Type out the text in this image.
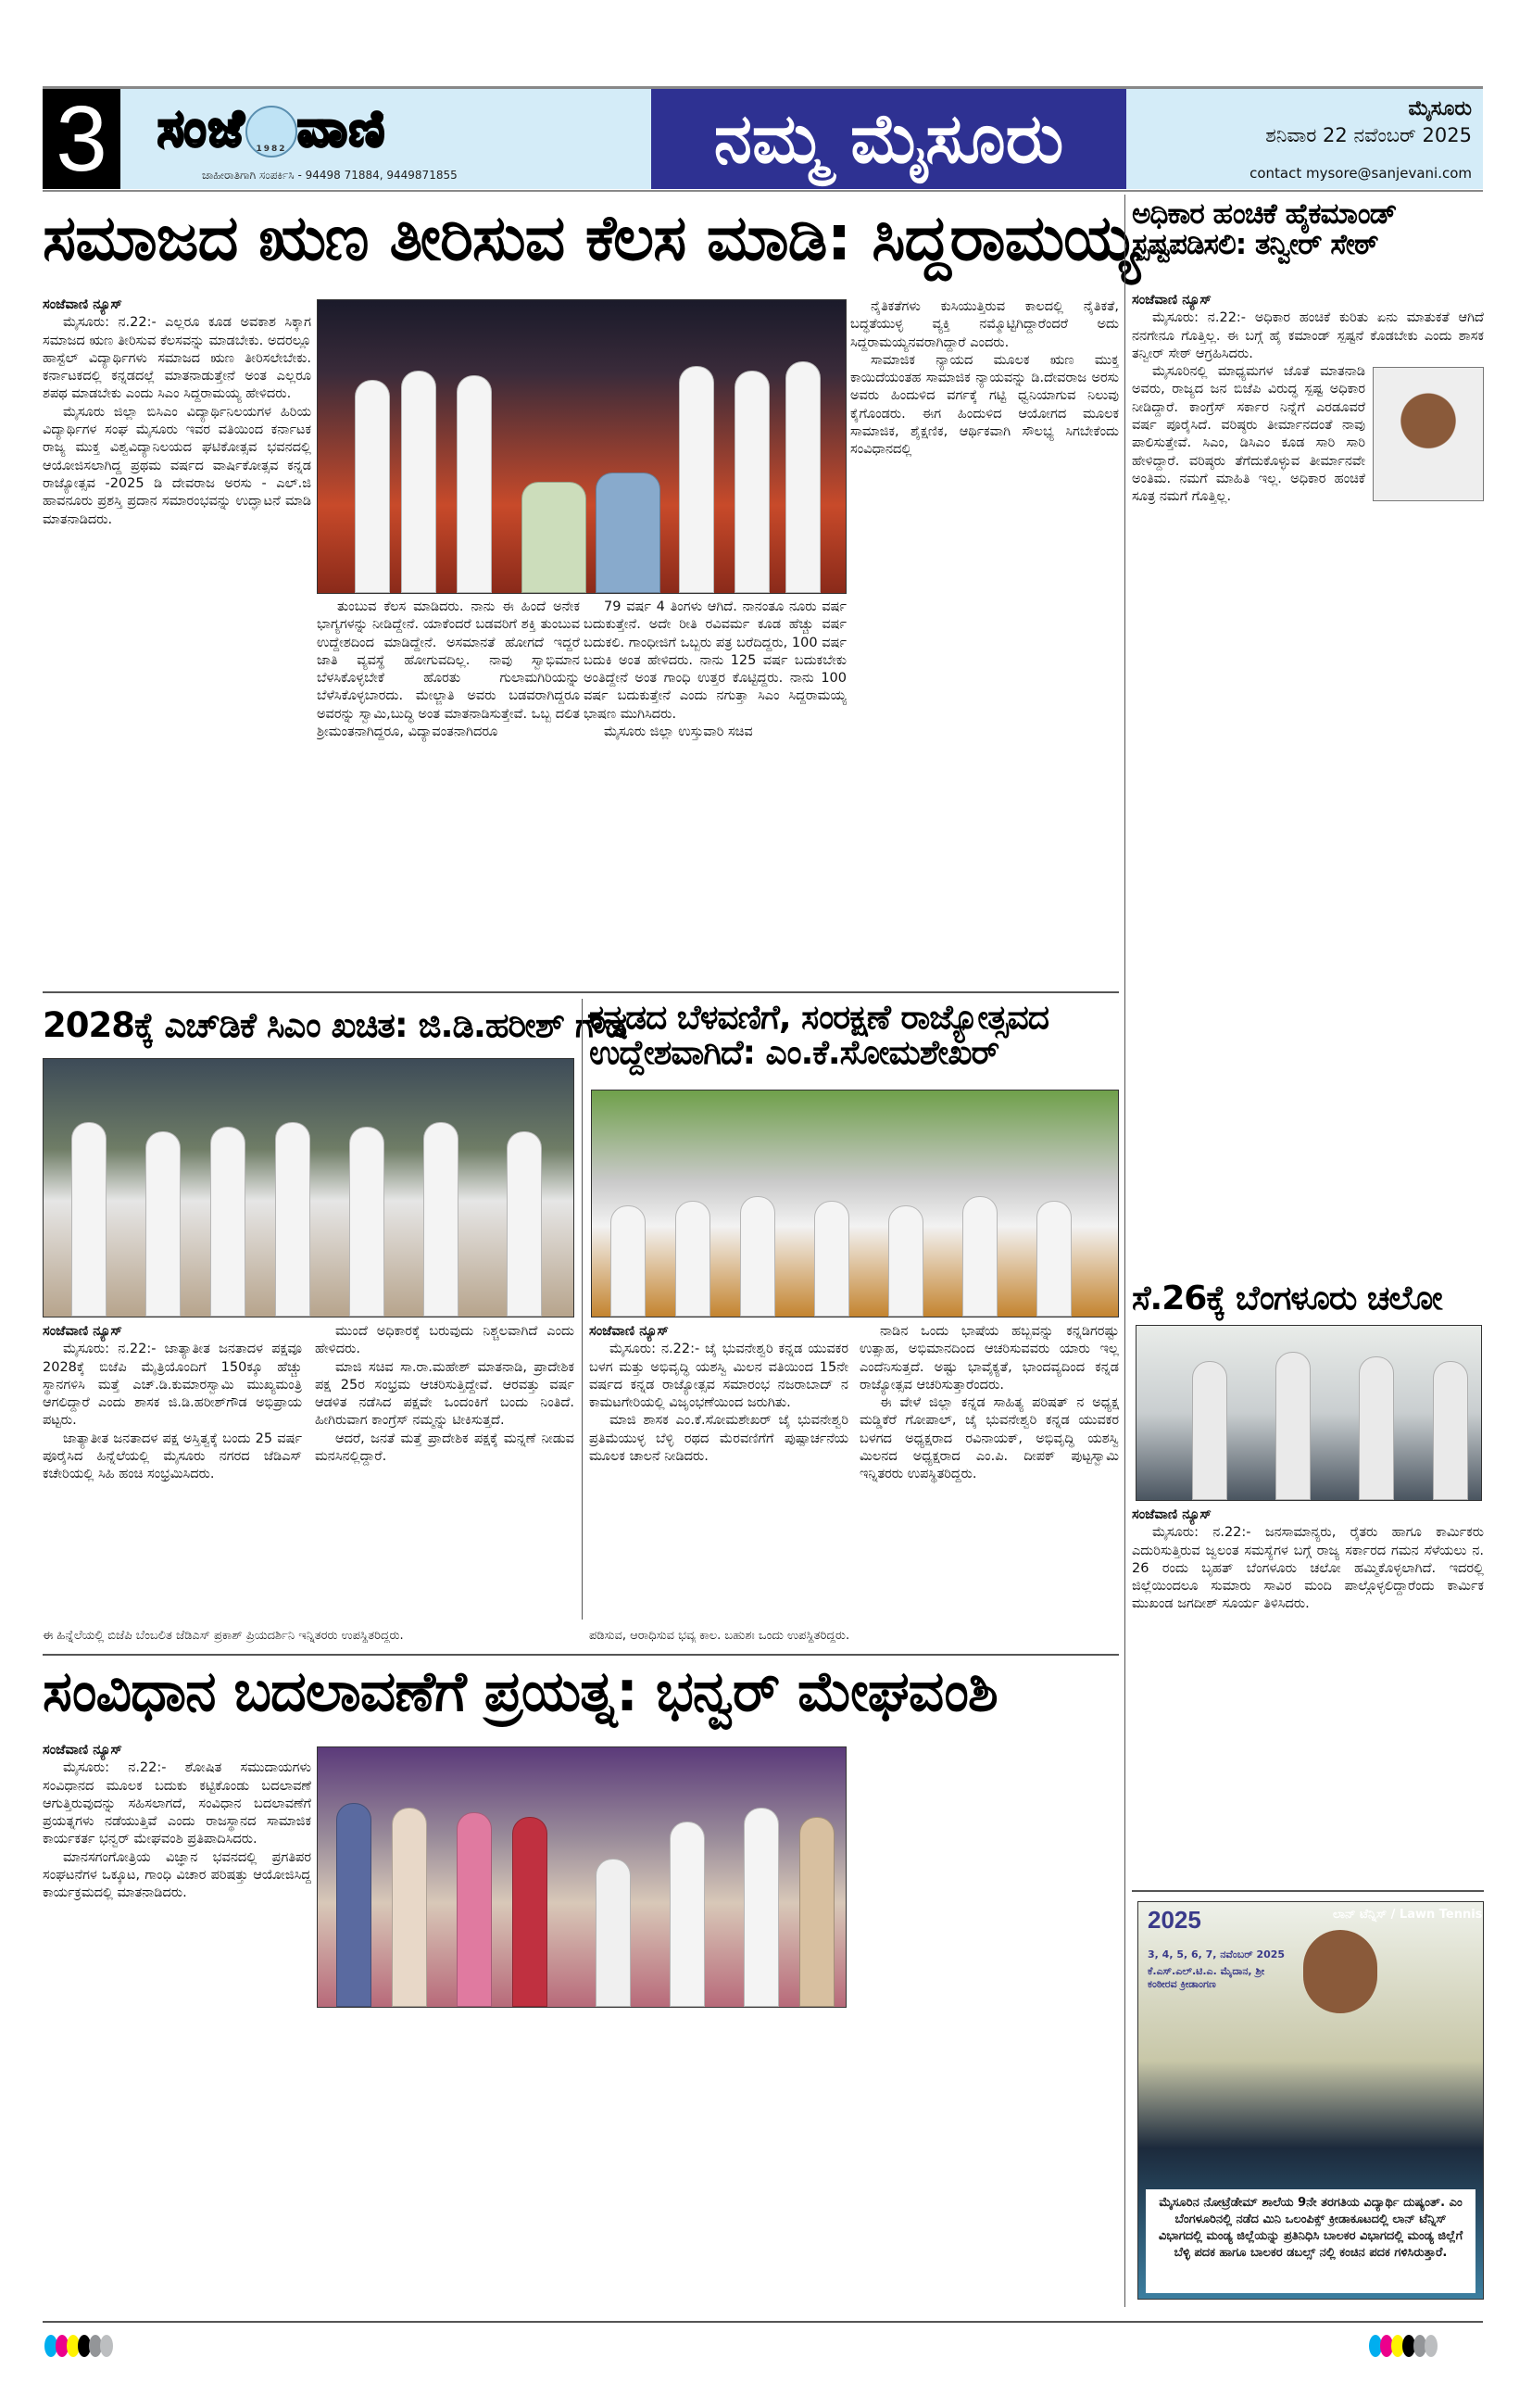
3 ಸಂಜೆ 1982 ವಾಣಿ
ಜಾಹೀರಾತಿಗಾಗಿ ಸಂಪರ್ಕಿಸಿ - 94498 71884, 9449871855	ನಮ್ಮ ಮೈಸೂರು	ಮೈಸೂರು
ಶನಿವಾರ 22 ನವೆಂಬರ್ 2025
contact mysore@sanjevani.com
ಸಮಾಜದ ಋಣ ತೀರಿಸುವ ಕೆಲಸ ಮಾಡಿ: ಸಿದ್ದರಾಮಯ್ಯ

ಸಂಜೆವಾಣಿ ನ್ಯೂಸ್

ಮೈಸೂರು: ನ.22:- ಎಲ್ಲರೂ ಕೂಡ ಅವಕಾಶ ಸಿಕ್ಕಾಗ ಸಮಾಜದ ಋಣ ತೀರಿಸುವ ಕೆಲಸವನ್ನು ಮಾಡಬೇಕು. ಅದರಲ್ಲೂ ಹಾಸ್ಟೆಲ್ ವಿದ್ಯಾರ್ಥಿಗಳು ಸಮಾಜದ ಋಣ ತೀರಿಸಲೇಬೇಕು. ಕರ್ನಾಟಕದಲ್ಲಿ ಕನ್ನಡದಲ್ಲೆ ಮಾತನಾಡುತ್ತೇನೆ ಅಂತ ಎಲ್ಲರೂ ಶಪಥ ಮಾಡಬೇಕು ಎಂದು ಸಿಎಂ ಸಿದ್ದರಾಮಯ್ಯ ಹೇಳಿದರು.

ಮೈಸೂರು ಜಿಲ್ಲಾ ಬಿಸಿಎಂ ವಿದ್ಯಾರ್ಥಿನಿಲಯಗಳ ಹಿರಿಯ ವಿದ್ಯಾರ್ಥಿಗಳ ಸಂಘ ಮೈಸೂರು ಇವರ ವತಿಯಿಂದ ಕರ್ನಾಟಕ ರಾಜ್ಯ ಮುಕ್ತ ವಿಶ್ವವಿದ್ಯಾನಿಲಯದ ಘಟಿಕೋತ್ಸವ ಭವನದಲ್ಲಿ ಆಯೋಜಿಸಲಾಗಿದ್ದ ಪ್ರಥಮ ವರ್ಷದ ವಾರ್ಷಿಕೋತ್ಸವ ಕನ್ನಡ ರಾಜ್ಯೋತ್ಸವ -2025 ಡಿ ದೇವರಾಜ ಅರಸು - ಎಲ್.ಜಿ ಹಾವನೂರು ಪ್ರಶಸ್ತಿ ಪ್ರದಾನ ಸಮಾರಂಭವನ್ನು ಉದ್ಘಾಟನೆ ಮಾಡಿ ಮಾತನಾಡಿದರು.

ತುಂಬುವ ಕೆಲಸ ಮಾಡಿದರು. ನಾನು ಈ ಹಿಂದೆ ಅನೇಕ ಭಾಗ್ಯಗಳನ್ನು ನೀಡಿದ್ದೇನೆ. ಯಾಕೆಂದರೆ ಬಡವರಿಗೆ ಶಕ್ತಿ ತುಂಬುವ ಉದ್ದೇಶದಿಂದ ಮಾಡಿದ್ದೇನೆ. ಅಸಮಾನತೆ ಹೋಗದೆ ಇದ್ದರೆ ಜಾತಿ ವ್ಯವಸ್ಥೆ ಹೋಗುವದಿಲ್ಲ. ನಾವು ಸ್ವಾಭಿಮಾನ ಬೆಳಸಿಕೊಳ್ಳಬೇಕೆ ಹೊರತು ಗುಲಾಮಗಿರಿಯನ್ನು ಬೆಳೆಸಿಕೊಳ್ಳಬಾರದು. ಮೇಲ್ಜಾತಿ ಅವರು ಬಡವರಾಗಿದ್ದರೂ ಅವರನ್ನು ಸ್ವಾಮಿ,ಬುದ್ಧಿ ಅಂತ ಮಾತನಾಡಿಸುತ್ತೇವೆ. ಒಬ್ಬ ದಲಿತ ಶ್ರೀಮಂತನಾಗಿದ್ದರೂ, ವಿದ್ಯಾವಂತನಾಗಿದರೂ

79 ವರ್ಷ 4 ತಿಂಗಳು ಆಗಿದೆ. ನಾನಂತೂ ನೂರು ವರ್ಷ ಬದುಕುತ್ತೇನೆ. ಅದೇ ರೀತಿ ರವಿವರ್ಮ ಕೂಡ ಹೆಚ್ಚು ವರ್ಷ ಬದುಕಲಿ. ಗಾಂಧೀಜಿಗೆ ಒಬ್ಬರು ಪತ್ರ ಬರೆದಿದ್ದರು, 100 ವರ್ಷ ಬದುಕಿ ಅಂತ ಹೇಳಿದರು. ನಾನು 125 ವರ್ಷ ಬದುಕಬೇಕು ಅಂತಿದ್ದೇನೆ ಅಂತ ಗಾಂಧಿ ಉತ್ತರ ಕೊಟ್ಟಿದ್ದರು. ನಾನು 100 ವರ್ಷ ಬದುಕುತ್ತೇನೆ ಎಂದು ನಗುತ್ತಾ ಸಿಎಂ ಸಿದ್ದರಾಮಯ್ಯ ಭಾಷಣ ಮುಗಿಸಿದರು.

ಮೈಸೂರು ಜಿಲ್ಲಾ ಉಸ್ತುವಾರಿ ಸಚಿವ

ನೈತಿಕತೆಗಳು ಕುಸಿಯುತ್ತಿರುವ ಕಾಲದಲ್ಲಿ ನೈತಿಕತೆ, ಬದ್ಧತೆಯುಳ್ಳ ವ್ಯಕ್ತಿ ನಮ್ಮೊಟ್ಟಿಗಿದ್ದಾರೆಂದರೆ ಅದು ಸಿದ್ದರಾಮಯ್ಯನವರಾಗಿದ್ದಾರೆ ಎಂದರು.

ಸಾಮಾಜಿಕ ನ್ಯಾಯದ ಮೂಲಕ ಋಣ ಮುಕ್ತ ಕಾಯಿದೆಯಂತಹ ಸಾಮಾಜಿಕ ನ್ಯಾಯವನ್ನು ಡಿ.ದೇವರಾಜ ಅರಸು ಅವರು ಹಿಂದುಳಿದ ವರ್ಗಕ್ಕೆ ಗಟ್ಟಿ ಧ್ವನಿಯಾಗುವ ನಿಲುವು ಕೈಗೊಂಡರು. ಈಗ ಹಿಂದುಳಿದ ಆಯೋಗದ ಮೂಲಕ ಸಾಮಾಜಿಕ, ಶೈಕ್ಷಣಿಕ, ಆರ್ಥಿಕವಾಗಿ ಸೌಲಭ್ಯ ಸಿಗಬೇಕೆಂದು ಸಂವಿಧಾನದಲ್ಲಿ

ಅಧಿಕಾರ ಹಂಚಿಕೆ ಹೈಕಮಾಂಡ್ ಸ್ಪಷ್ಟಪಡಿಸಲಿ: ತನ್ವೀರ್ ಸೇಠ್

ಸಂಜೆವಾಣಿ ನ್ಯೂಸ್

ಮೈಸೂರು: ನ.22:- ಅಧಿಕಾರ ಹಂಚಿಕೆ ಕುರಿತು ಏನು ಮಾತುಕತೆ ಆಗಿದೆ ನನಗೇನೂ ಗೊತ್ತಿಲ್ಲ. ಈ ಬಗ್ಗೆ ಹೈ ಕಮಾಂಡ್ ಸ್ಪಷ್ಟನೆ ಕೊಡಬೇಕು ಎಂದು ಶಾಸಕ ತನ್ವೀರ್ ಸೇಠ್ ಆಗ್ರಹಿಸಿದರು.

ಮೈಸೂರಿನಲ್ಲಿ ಮಾಧ್ಯಮಗಳ ಜೊತೆ ಮಾತನಾಡಿ ಅವರು, ರಾಜ್ಯದ ಜನ ಬಿಜೆಪಿ ವಿರುದ್ಧ ಸ್ಪಷ್ಟ ಅಧಿಕಾರ ನೀಡಿದ್ದಾರೆ. ಕಾಂಗ್ರೆಸ್ ಸರ್ಕಾರ ನಿನ್ನೆಗೆ ಎರಡೂವರೆ ವರ್ಷ ಪೂರೈಸಿದೆ. ವರಿಷ್ಠರು ತೀರ್ಮಾನದಂತೆ ನಾವು ಪಾಲಿಸುತ್ತೇವೆ. ಸಿಎಂ, ಡಿಸಿಎಂ ಕೂಡ ಸಾರಿ ಸಾರಿ ಹೇಳಿದ್ದಾರೆ. ವರಿಷ್ಠರು ತೆಗೆದುಕೊಳ್ಳುವ ತೀರ್ಮಾನವೇ ಅಂತಿಮ. ನಮಗೆ ಮಾಹಿತಿ ಇಲ್ಲ. ಅಧಿಕಾರ ಹಂಚಿಕೆ ಸೂತ್ರ ನಮಗೆ ಗೊತ್ತಿಲ್ಲ.

ಸೆ.26ಕ್ಕೆ ಬೆಂಗಳೂರು ಚಲೋ

ಸಂಜೆವಾಣಿ ನ್ಯೂಸ್

ಮೈಸೂರು: ನ.22:- ಜನಸಾಮಾನ್ಯರು, ರೈತರು ಹಾಗೂ ಕಾರ್ಮಿಕರು ಎದುರಿಸುತ್ತಿರುವ ಜ್ವಲಂತ ಸಮಸ್ಯೆಗಳ ಬಗ್ಗೆ ರಾಜ್ಯ ಸರ್ಕಾರದ ಗಮನ ಸೆಳೆಯಲು ನ. 26 ರಂದು ಬೃಹತ್ ಬೆಂಗಳೂರು ಚಲೋ ಹಮ್ಮಿಕೊಳ್ಳಲಾಗಿದೆ. ಇದರಲ್ಲಿ ಜಿಲ್ಲೆಯಿಂದಲೂ ಸುಮಾರು ಸಾವಿರ ಮಂದಿ ಪಾಲ್ಗೊಳ್ಳಲಿದ್ದಾರೆಂದು ಕಾರ್ಮಿಕ ಮುಖಂಡ ಜಗದೀಶ್ ಸೂರ್ಯ ತಿಳಿಸಿದರು.

2025
3, 4, 5, 6, 7, ನವೆಂಬರ್ 2025
ಕೆ.ಎಸ್.ಎಲ್.ಟಿ.ಎ. ಮೈದಾನ, ಶ್ರೀ ಕಂಠೀರವ ಕ್ರೀಡಾಂಗಣ
ಲಾನ್ ಟೆನ್ನಿಸ್ / Lawn Tennis
ಮೈಸೂರಿನ ನೋಟ್ರೆಡೇಮ್ ಶಾಲೆಯ 9ನೇ ತರಗತಿಯ ವಿದ್ಯಾರ್ಥಿ ದುಷ್ಯಂತ್. ಎಂ ಬೆಂಗಳೂರಿನಲ್ಲಿ ನಡೆದ ಮಿನಿ ಒಲಂಪಿಕ್ಸ್ ಕ್ರೀಡಾಕೂಟದಲ್ಲಿ ಲಾನ್ ಟೆನ್ನಿಸ್ ವಿಭಾಗದಲ್ಲಿ ಮಂಡ್ಯ ಜಿಲ್ಲೆಯನ್ನು ಪ್ರತಿನಿಧಿಸಿ ಬಾಲಕರ ವಿಭಾಗದಲ್ಲಿ ಮಂಡ್ಯ ಜಿಲ್ಲೆಗೆ ಬೆಳ್ಳಿ ಪದಕ ಹಾಗೂ ಬಾಲಕರ ಡಬಲ್ಸ್ ನಲ್ಲಿ ಕಂಚಿನ ಪದಕ ಗಳಿಸಿರುತ್ತಾರೆ.
2028ಕ್ಕೆ ಎಚ್‌ಡಿಕೆ ಸಿಎಂ ಖಚಿತ: ಜಿ.ಡಿ.ಹರೀಶ್ ಗೌಡ
ಕನ್ನಡದ ಬೆಳವಣಿಗೆ, ಸಂರಕ್ಷಣೆ ರಾಜ್ಯೋತ್ಸವದ ಉದ್ದೇಶವಾಗಿದೆ: ಎಂ.ಕೆ.ಸೋಮಶೇಖರ್

ಸಂಜೆವಾಣಿ ನ್ಯೂಸ್

ಮೈಸೂರು: ನ.22:- ಜಾತ್ಯಾತೀತ ಜನತಾದಳ ಪಕ್ಷವೂ 2028ಕ್ಕೆ ಬಿಜೆಪಿ ಮೈತ್ರಿಯೊಂದಿಗೆ 150ಕ್ಕೂ ಹೆಚ್ಚು ಸ್ಥಾನಗಳಿಸಿ ಮತ್ತೆ ಎಚ್.ಡಿ.ಕುಮಾರಸ್ವಾಮಿ ಮುಖ್ಯಮಂತ್ರಿ ಆಗಲಿದ್ದಾರೆ ಎಂದು ಶಾಸಕ ಜಿ.ಡಿ.ಹರೀಶ್‌ಗೌಡ ಅಭಿಪ್ರಾಯ ಪಟ್ಟರು.

ಜಾತ್ಯಾತೀತ ಜನತಾದಳ ಪಕ್ಷ ಅಸ್ತಿತ್ವಕ್ಕೆ ಬಂದು 25 ವರ್ಷ ಪೂರೈಸಿದ ಹಿನ್ನೆಲೆಯಲ್ಲಿ ಮೈಸೂರು ನಗರದ ಜೆಡಿಎಸ್ ಕಚೇರಿಯಲ್ಲಿ ಸಿಹಿ ಹಂಚಿ ಸಂಭ್ರಮಿಸಿದರು.

ಮುಂದೆ ಅಧಿಕಾರಕ್ಕೆ ಬರುವುದು ನಿಶ್ಚಲವಾಗಿದೆ ಎಂದು ಹೇಳಿದರು.

ಮಾಜಿ ಸಚಿವ ಸಾ.ರಾ.ಮಹೇಶ್ ಮಾತನಾಡಿ, ಪ್ರಾದೇಶಿಕ ಪಕ್ಷ 25ರ ಸಂಭ್ರಮ ಆಚರಿಸುತ್ತಿದ್ದೇವೆ. ಆರವತ್ತು ವರ್ಷ ಆಡಳಿತ ನಡೆಸಿದ ಪಕ್ಷವೇ ಒಂದಂಕಿಗೆ ಬಂದು ನಿಂತಿದೆ. ಹೀಗಿರುವಾಗ ಕಾಂಗ್ರೆಸ್ ನಮ್ಮನ್ನು ಟೀಕಿಸುತ್ತದೆ.

ಆದರೆ, ಜನತೆ ಮತ್ತೆ ಪ್ರಾದೇಶಿಕ ಪಕ್ಷಕ್ಕೆ ಮನ್ನಣೆ ನೀಡುವ ಮನಸಿನಲ್ಲಿದ್ದಾರೆ.

ಸಂಜೆವಾಣಿ ನ್ಯೂಸ್

ಮೈಸೂರು: ನ.22:- ಜೈ ಭುವನೇಶ್ವರಿ ಕನ್ನಡ ಯುವಕರ ಬಳಗ ಮತ್ತು ಅಭಿವೃದ್ಧಿ ಯಶಸ್ವಿ ಮಿಲನ ವತಿಯಿಂದ 15ನೇ ವರ್ಷದ ಕನ್ನಡ ರಾಜ್ಯೋತ್ಸವ ಸಮಾರಂಭ ನಜರಾಬಾದ್ ನ ಕಾಮಟಗೇರಿಯಲ್ಲಿ ವಿಜೃಂಭಣೆಯಿಂದ ಜರುಗಿತು.

ಮಾಜಿ ಶಾಸಕ ಎಂ.ಕೆ.ಸೋಮಶೇಖರ್ ಜೈ ಭುವನೇಶ್ವರಿ ಪ್ರತಿಮೆಯುಳ್ಳ ಬೆಳ್ಳಿ ರಥದ ಮೆರವಣಿಗೆಗೆ ಪುಷ್ಪಾರ್ಚನೆಯ ಮೂಲಕ ಚಾಲನೆ ನೀಡಿದರು.

ನಾಡಿನ ಒಂದು ಭಾಷೆಯ ಹಬ್ಬವನ್ನು ಕನ್ನಡಿಗರಷ್ಟು ಉತ್ಸಾಹ, ಅಭಿಮಾನದಿಂದ ಆಚರಿಸುವವರು ಯಾರು ಇಲ್ಲ ಎಂದೆನಿಸುತ್ತದೆ. ಅಷ್ಟು ಭಾವೈಕ್ಯತೆ, ಭಾಂದವ್ಯದಿಂದ ಕನ್ನಡ ರಾಜ್ಯೋತ್ಸವ ಆಚರಿಸುತ್ತಾರೆಂದರು.

ಈ ವೇಳೆ ಜಿಲ್ಲಾ ಕನ್ನಡ ಸಾಹಿತ್ಯ ಪರಿಷತ್ ನ ಅಧ್ಯಕ್ಷ ಮಡ್ಡಿಕೆರೆ ಗೋಪಾಲ್, ಜೈ ಭುವನೇಶ್ವರಿ ಕನ್ನಡ ಯುವಕರ ಬಳಗದ ಅಧ್ಯಕ್ಷರಾದ ರವಿನಾಯಕ್, ಅಭಿವೃದ್ಧಿ ಯಶಸ್ವಿ ಮಿಲನದ ಅಧ್ಯಕ್ಷರಾದ ಎಂ.ಪಿ. ದೀಪಕ್ ಪುಟ್ಟಸ್ವಾಮಿ ಇನ್ನಿತರರು ಉಪಸ್ಥಿತರಿದ್ದರು.

ಈ ಹಿನ್ನೆಲೆಯಲ್ಲಿ ಬಿಜೆಪಿ ಬೆಂಬಲಿತ ಜೆಡಿಎಸ್ ಪ್ರಕಾಶ್ ಪ್ರಿಯದರ್ಶಿನಿ ಇನ್ನಿತರರು ಉಪಸ್ಥಿತರಿದ್ದರು.	ಪಡಿಸುವ, ಆರಾಧಿಸುವ ಭವ್ಯ ಕಾಲ. ಬಹುಶಃ ಒಂದು ಉಪಸ್ಥಿತರಿದ್ದರು.
ಸಂವಿಧಾನ ಬದಲಾವಣೆಗೆ ಪ್ರಯತ್ನ: ಭನ್ವರ್ ಮೇಘವಂಶಿ

ಸಂಜೆವಾಣಿ ನ್ಯೂಸ್

ಮೈಸೂರು: ನ.22:- ಶೋಷಿತ ಸಮುದಾಯಗಳು ಸಂವಿಧಾನದ ಮೂಲಕ ಬದುಕು ಕಟ್ಟಿಕೊಂಡು ಬದಲಾವಣೆ ಆಗುತ್ತಿರುವುದನ್ನು ಸಹಿಸಲಾಗದೆ, ಸಂವಿಧಾನ ಬದಲಾವಣೆಗೆ ಪ್ರಯತ್ನಗಳು ನಡೆಯುತ್ತಿವೆ ಎಂದು ರಾಜಸ್ಥಾನದ ಸಾಮಾಜಿಕ ಕಾರ್ಯಕರ್ತ ಭನ್ವರ್ ಮೇಘವಂಶಿ ಪ್ರತಿಪಾದಿಸಿದರು.

ಮಾನಸಗಂಗೋತ್ರಿಯ ವಿಜ್ಞಾನ ಭವನದಲ್ಲಿ ಪ್ರಗತಿಪರ ಸಂಘಟನೆಗಳ ಒಕ್ಕೂಟ, ಗಾಂಧಿ ವಿಚಾರ ಪರಿಷತ್ತು ಆಯೋಜಿಸಿದ್ದ ಕಾರ್ಯಕ್ರಮದಲ್ಲಿ ಮಾತನಾಡಿದರು.
